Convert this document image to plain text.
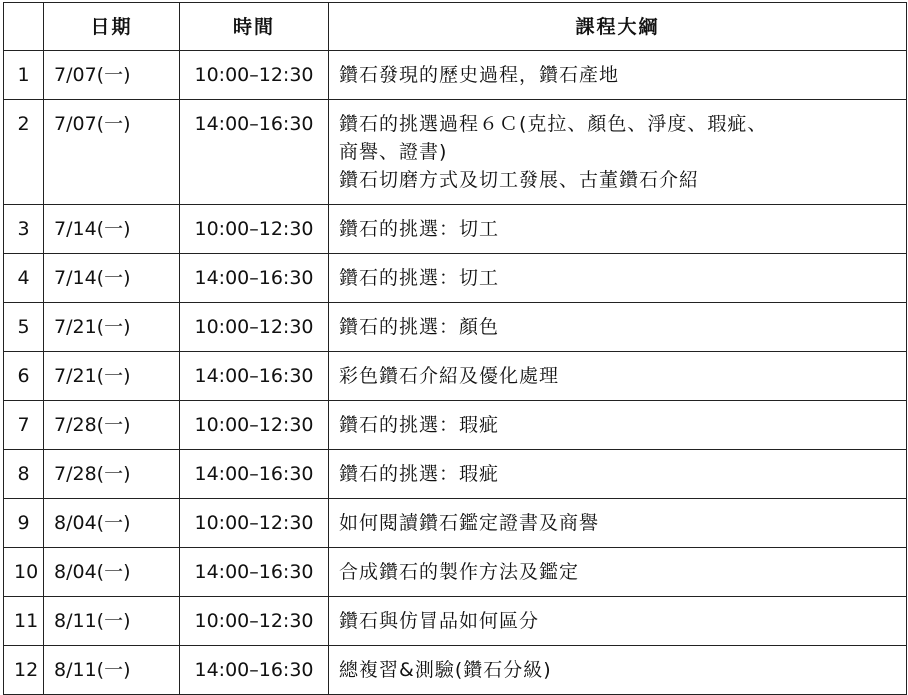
	日期	時間	課程大綱
1	7/07(一)	10:00–12:30	鑽石發現的歷史過程，鑽石產地

2	7/07(一)	14:00–16:30	鑽石的挑選過程６Ｃ(克拉、顏色、淨度、瑕疵、
商譽、證書)
鑽石切磨方式及切工發展、古董鑽石介紹

3	7/14(一)	10:00–12:30	鑽石的挑選：切工

4	7/14(一)	14:00–16:30	鑽石的挑選：切工

5	7/21(一)	10:00–12:30	鑽石的挑選：顏色

6	7/21(一)	14:00–16:30	彩色鑽石介紹及優化處理

7	7/28(一)	10:00–12:30	鑽石的挑選：瑕疵

8	7/28(一)	14:00–16:30	鑽石的挑選：瑕疵

9	8/04(一)	10:00–12:30	如何閱讀鑽石鑑定證書及商譽

10	8/04(一)	14:00–16:30	合成鑽石的製作方法及鑑定

11	8/11(一)	10:00–12:30	鑽石與仿冒品如何區分

12	8/11(一)	14:00–16:30	總複習&測驗(鑽石分級)
